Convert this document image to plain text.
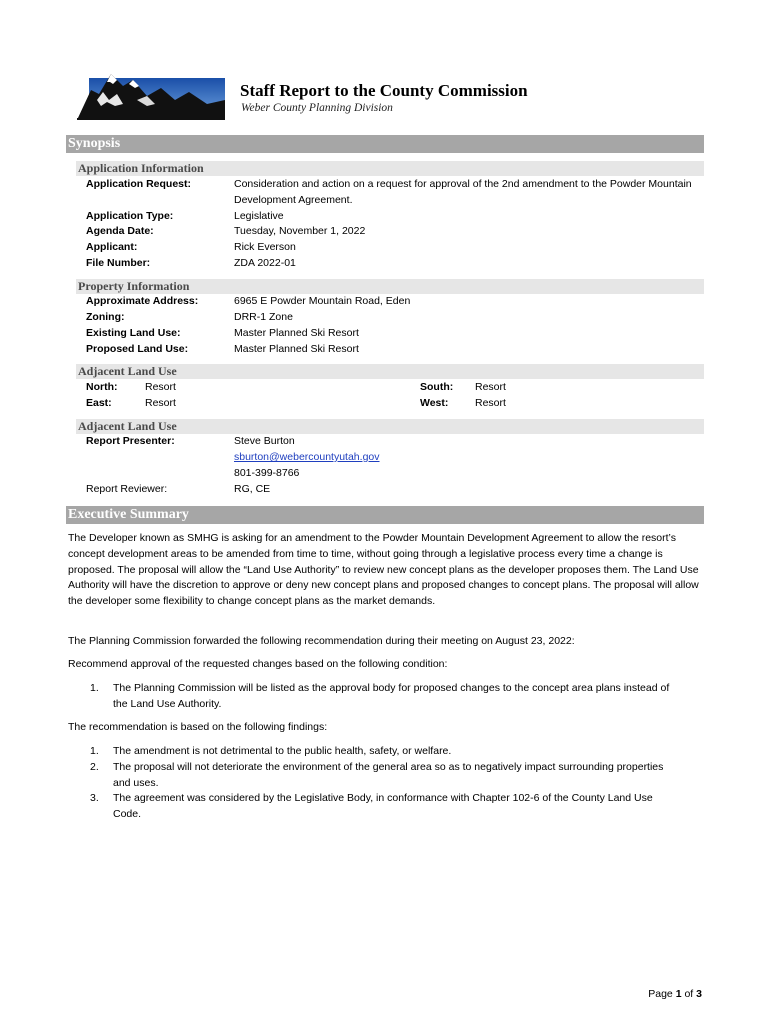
Staff Report to the County Commission
Weber County Planning Division
Synopsis
Application Information
Application Request:	Consideration and action on a request for approval of the 2nd amendment to the Powder Mountain Development Agreement.
Application Type:	Legislative
Agenda Date:	Tuesday, November 1, 2022
Applicant:	Rick Everson
File Number:	ZDA 2022-01
Property Information
Approximate Address:	6965 E Powder Mountain Road, Eden
Zoning:	DRR-1 Zone
Existing Land Use:	Master Planned Ski Resort
Proposed Land Use:	Master Planned Ski Resort
Adjacent Land Use
North:	Resort	South: Resort
East:	Resort	West:	Resort
Adjacent Land Use
Report Presenter:	Steve Burton
sburton@webercountyutah.gov
801-399-8766
Report Reviewer:	RG, CE
Executive Summary
The Developer known as SMHG is asking for an amendment to the Powder Mountain Development Agreement to allow the resort’s concept development areas to be amended from time to time, without going through a legislative process every time a change is proposed. The proposal will allow the “Land Use Authority” to review new concept plans as the developer proposes them. The Land Use Authority will have the discretion to approve or deny new concept plans and proposed changes to concept plans. The proposal will allow the developer some flexibility to change concept plans as the market demands.
The Planning Commission forwarded the following recommendation during their meeting on August 23, 2022:
Recommend approval of the requested changes based on the following condition:
1. The Planning Commission will be listed as the approval body for proposed changes to the concept area plans instead of the Land Use Authority.
The recommendation is based on the following findings:
1. The amendment is not detrimental to the public health, safety, or welfare.
2. The proposal will not deteriorate the environment of the general area so as to negatively impact surrounding properties and uses.
3. The agreement was considered by the Legislative Body, in conformance with Chapter 102-6 of the County Land Use Code.
Page 1 of 3
